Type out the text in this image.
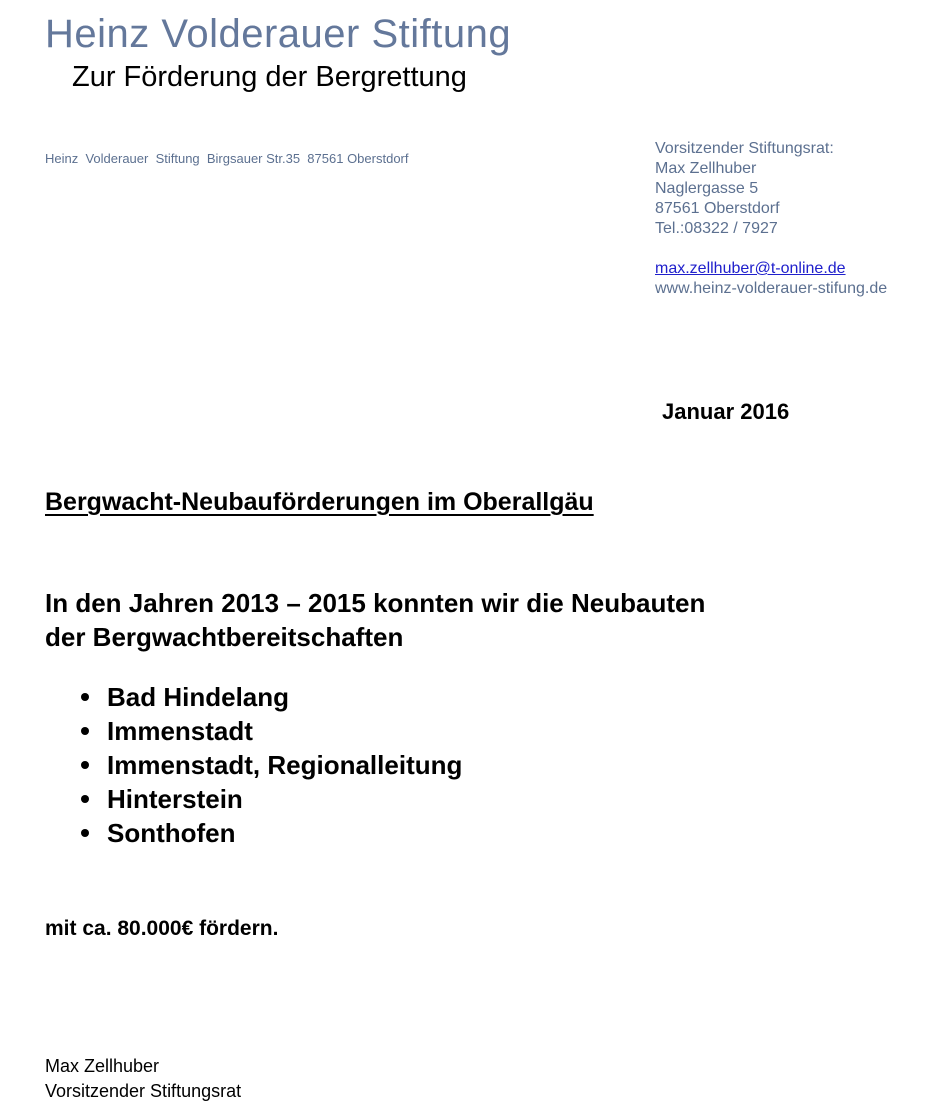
Heinz Volderauer Stiftung
Zur Förderung der Bergrettung
Heinz  Volderauer  Stiftung  Birgsauer Str.35  87561 Oberstdorf
Vorsitzender Stiftungsrat:
Max Zellhuber
Naglergasse 5
87561 Oberstdorf
Tel.:08322 / 7927
max.zellhuber@t-online.de
www.heinz-volderauer-stifung.de
Januar 2016
Bergwacht-Neubauförderungen im Oberallgäu
In den Jahren 2013 – 2015 konnten wir die Neubauten
der Bergwachtbereitschaften
Bad Hindelang
Immenstadt
Immenstadt, Regionalleitung
Hinterstein
Sonthofen
mit ca. 80.000€ fördern.
Max Zellhuber
Vorsitzender Stiftungsrat
